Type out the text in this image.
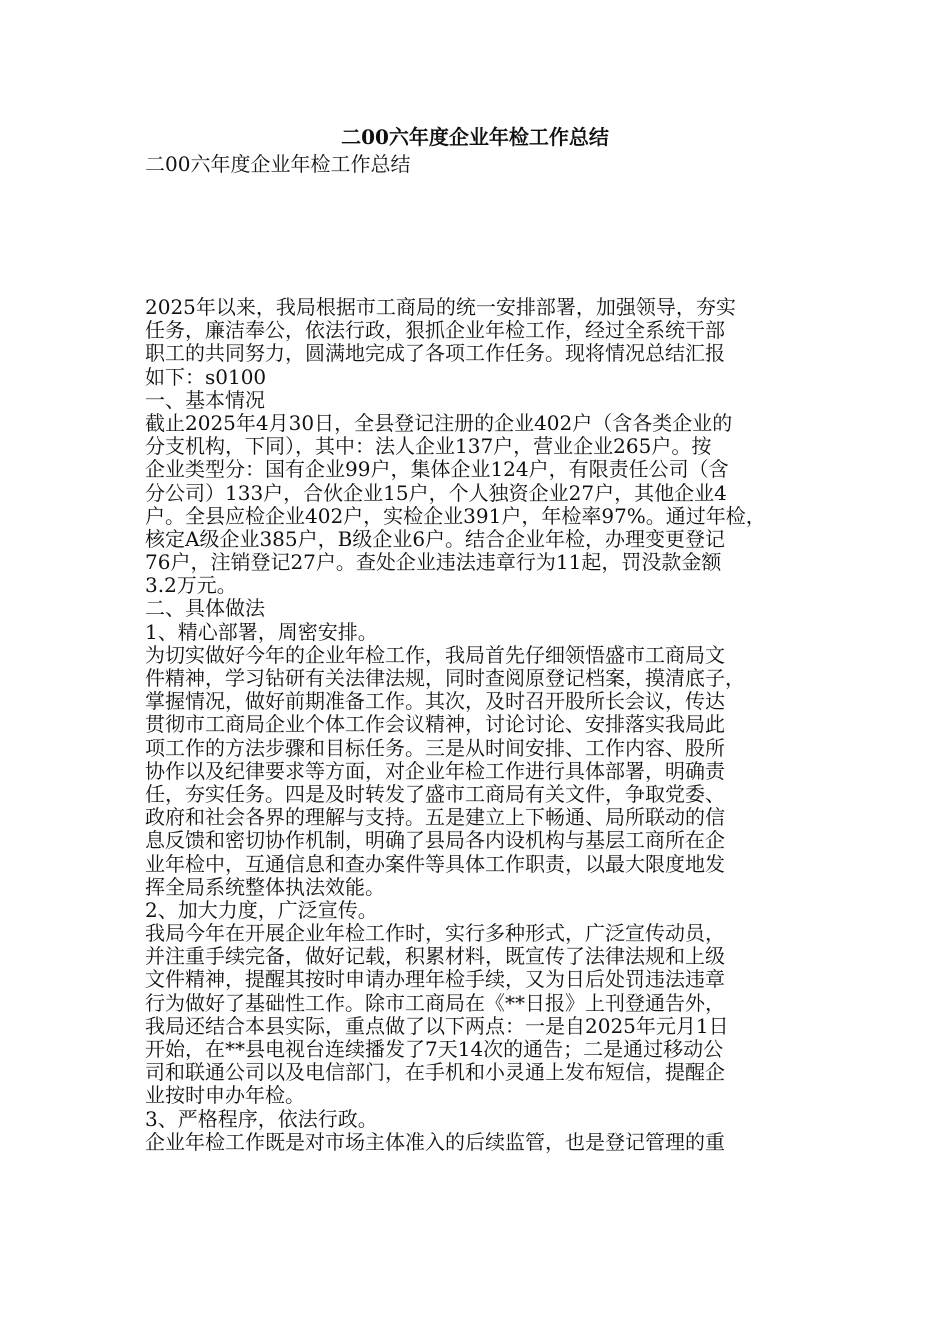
二00六年度企业年检工作总结
二00六年度企业年检工作总结
2025年以来，我局根据市工商局的统一安排部署，加强领导，夯实
任务，廉洁奉公，依法行政，狠抓企业年检工作，经过全系统干部
职工的共同努力，圆满地完成了各项工作任务。现将情况总结汇报
如下：s0100
一、基本情况
截止2025年4月30日，全县登记注册的企业402户（含各类企业的
分支机构，下同），其中：法人企业137户，营业企业265户。按
企业类型分：国有企业99户，集体企业124户，有限责任公司（含
分公司）133户，合伙企业15户，个人独资企业27户，其他企业4
户。全县应检企业402户，实检企业391户，年检率97%。通过年检，
核定A级企业385户，B级企业6户。结合企业年检，办理变更登记
76户，注销登记27户。查处企业违法违章行为11起，罚没款金额
3.2万元。
二、具体做法
1、精心部署，周密安排。
为切实做好今年的企业年检工作，我局首先仔细领悟盛市工商局文
件精神，学习钻研有关法律法规，同时查阅原登记档案，摸清底子，
掌握情况，做好前期准备工作。其次，及时召开股所长会议，传达
贯彻市工商局企业个体工作会议精神，讨论讨论、安排落实我局此
项工作的方法步骤和目标任务。三是从时间安排、工作内容、股所
协作以及纪律要求等方面，对企业年检工作进行具体部署，明确责
任，夯实任务。四是及时转发了盛市工商局有关文件，争取党委、
政府和社会各界的理解与支持。五是建立上下畅通、局所联动的信
息反馈和密切协作机制，明确了县局各内设机构与基层工商所在企
业年检中，互通信息和查办案件等具体工作职责，以最大限度地发
挥全局系统整体执法效能。
2、加大力度，广泛宣传。
我局今年在开展企业年检工作时，实行多种形式，广泛宣传动员，
并注重手续完备，做好记载，积累材料，既宣传了法律法规和上级
文件精神，提醒其按时申请办理年检手续，又为日后处罚违法违章
行为做好了基础性工作。除市工商局在《**日报》上刊登通告外，
我局还结合本县实际，重点做了以下两点：一是自2025年元月1日
开始，在**县电视台连续播发了7天14次的通告；二是通过移动公
司和联通公司以及电信部门，在手机和小灵通上发布短信，提醒企
业按时申办年检。
3、严格程序，依法行政。
企业年检工作既是对市场主体准入的后续监管，也是登记管理的重
